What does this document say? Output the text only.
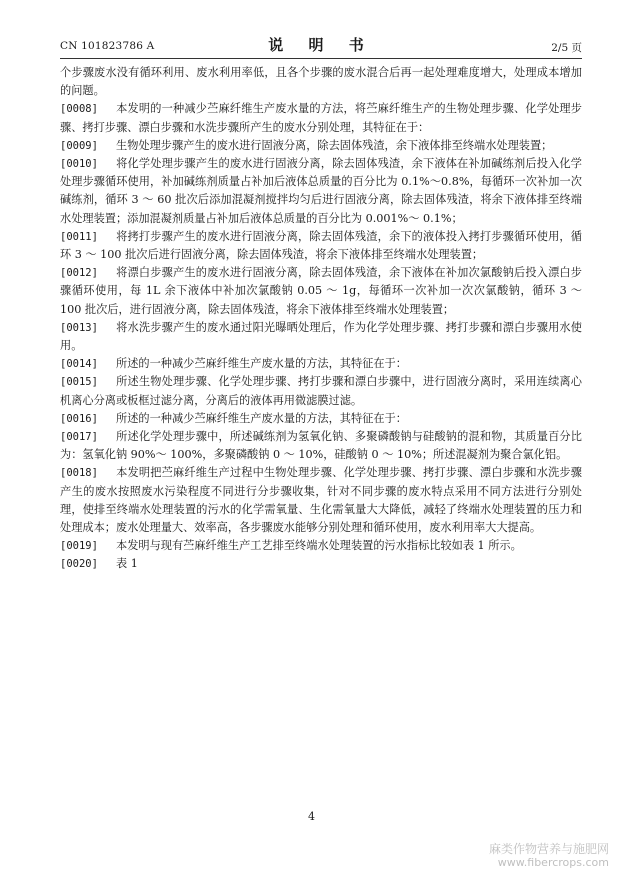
CN 101823786 A	说 明 书	2/5 页
个步骤废水没有循环利用、废水利用率低，且各个步骤的废水混合后再一起处理难度增大，处理成本增加的问题。
[0008] 本发明的一种减少苎麻纤维生产废水量的方法，将苎麻纤维生产的生物处理步骤、化学处理步骤、拷打步骤、漂白步骤和水洗步骤所产生的废水分别处理，其特征在于：
[0009] 生物处理步骤产生的废水进行固液分离，除去固体残渣，余下液体排至终端水处理装置；
[0010] 将化学处理步骤产生的废水进行固液分离，除去固体残渣，余下液体在补加碱练剂后投入化学处理步骤循环使用，补加碱练剂质量占补加后液体总质量的百分比为 0.1%～0.8%，每循环一次补加一次碱练剂，循环 3 ～ 60 批次后添加混凝剂搅拌均匀后进行固液分离，除去固体残渣，将余下液体排至终端水处理装置；添加混凝剂质量占补加后液体总质量的百分比为 0.001%～ 0.1%；
[0011] 将拷打步骤产生的废水进行固液分离，除去固体残渣，余下的液体投入拷打步骤循环使用，循环 3 ～ 100 批次后进行固液分离，除去固体残渣，将余下液体排至终端水处理装置；
[0012] 将漂白步骤产生的废水进行固液分离，除去固体残渣，余下液体在补加次氯酸钠后投入漂白步骤循环使用，每 1L 余下液体中补加次氯酸钠 0.05 ～ 1g，每循环一次补加一次次氯酸钠，循环 3 ～ 100 批次后，进行固液分离，除去固体残渣，将余下液体排至终端水处理装置；
[0013] 将水洗步骤产生的废水通过阳光曝晒处理后，作为化学处理步骤、拷打步骤和漂白步骤用水使用。
[0014] 所述的一种减少苎麻纤维生产废水量的方法，其特征在于：
[0015] 所述生物处理步骤、化学处理步骤、拷打步骤和漂白步骤中，进行固液分离时，采用连续离心机离心分离或板框过滤分离，分离后的液体再用微滤膜过滤。
[0016] 所述的一种减少苎麻纤维生产废水量的方法，其特征在于：
[0017] 所述化学处理步骤中，所述碱练剂为氢氧化钠、多聚磷酸钠与硅酸钠的混和物，其质量百分比为：氢氧化钠 90%～ 100%，多聚磷酸钠 0 ～ 10%，硅酸钠 0 ～ 10%；所述混凝剂为聚合氯化铝。
[0018] 本发明把苎麻纤维生产过程中生物处理步骤、化学处理步骤、拷打步骤、漂白步骤和水洗步骤产生的废水按照废水污染程度不同进行分步骤收集，针对不同步骤的废水特点采用不同方法进行分别处理，使排至终端水处理装置的污水的化学需氧量、生化需氧量大大降低，减轻了终端水处理装置的压力和处理成本；废水处理量大、效率高，各步骤废水能够分别处理和循环使用，废水利用率大大提高。
[0019] 本发明与现有苎麻纤维生产工艺排至终端水处理装置的污水指标比较如表 1 所示。
[0020] 表 1
4
麻类作物营养与施肥网
www.fibercrops.com
